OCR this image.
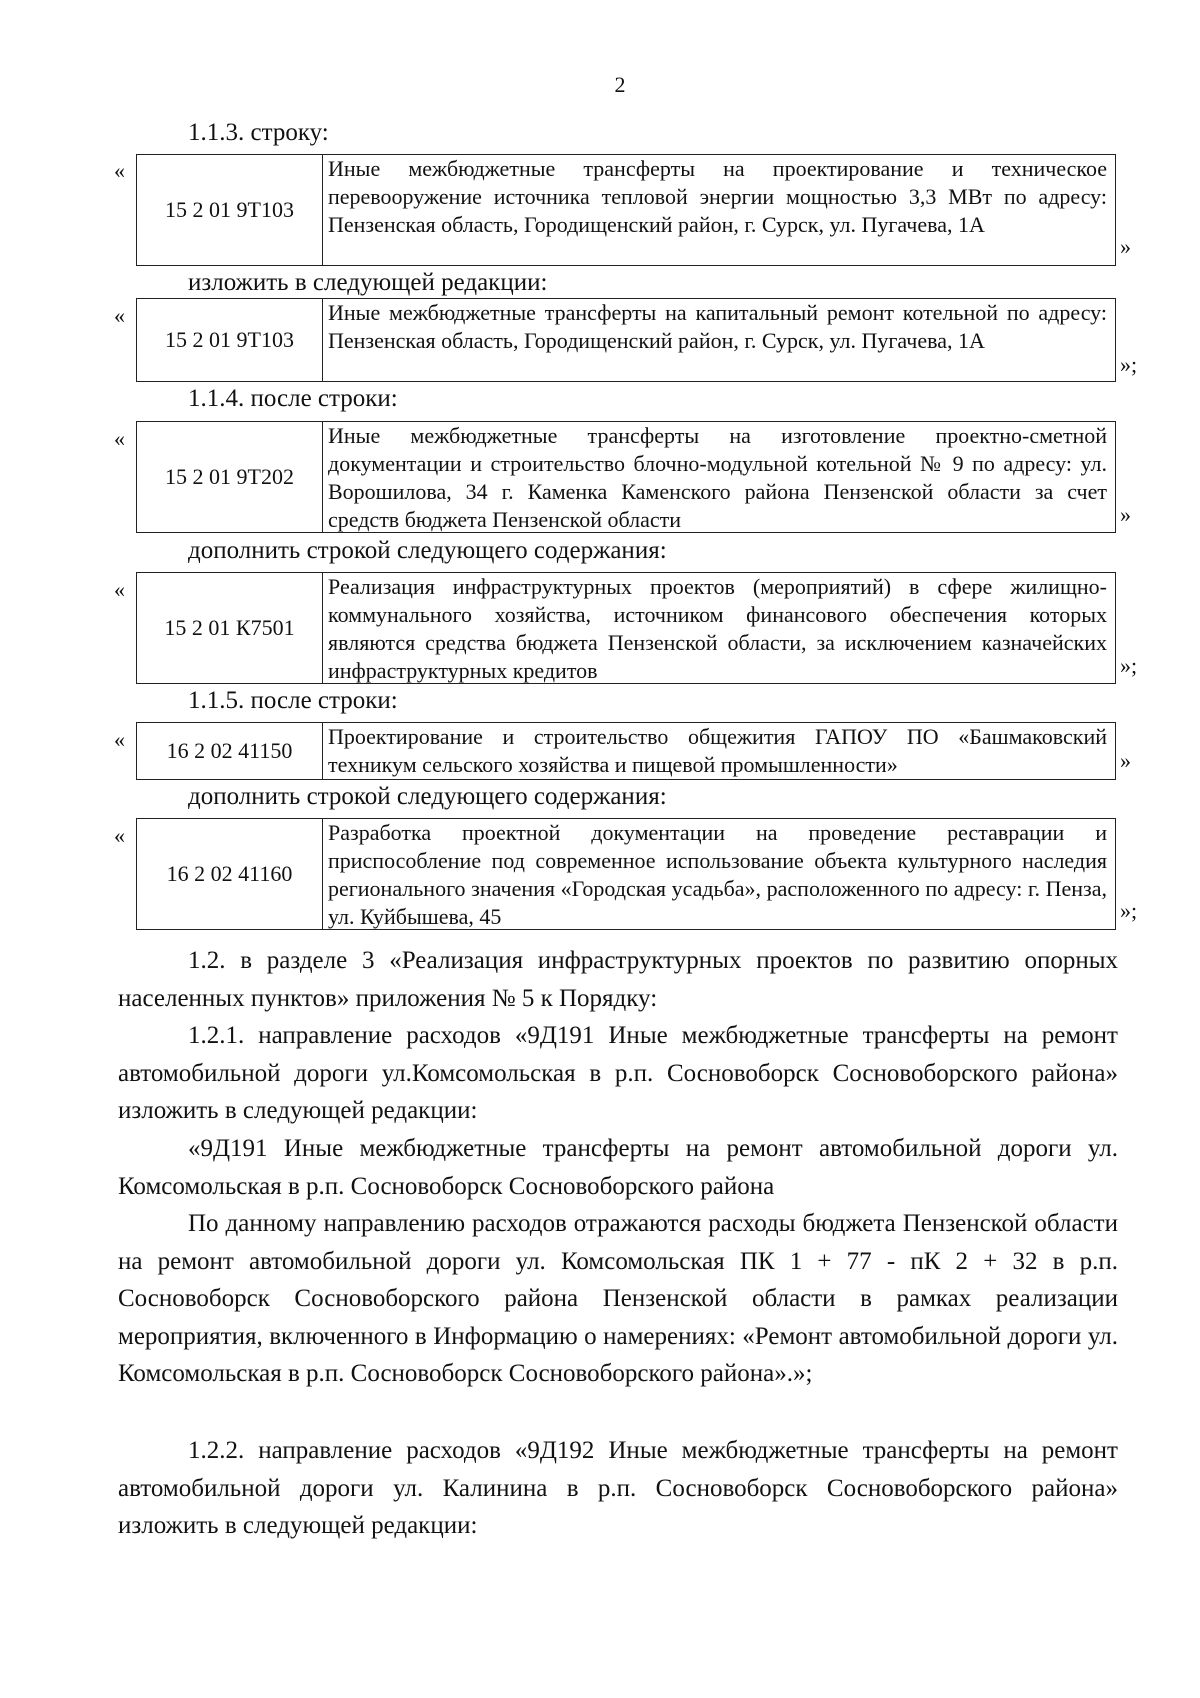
2
1.1.3. строку:
«
15 2 01 9Т103
Иные межбюджетные трансферты на проектирование и техническое перевооружение источника тепловой энергии мощностью 3,3 МВт по адресу: Пензенская область, Городищенский район, г. Сурск, ул. Пугачева, 1А
»
изложить в следующей редакции:
«
15 2 01 9Т103
Иные межбюджетные трансферты на капитальный ремонт котельной по адресу: Пензенская область, Городищенский район, г. Сурск, ул. Пугачева, 1А
»;
1.1.4. после строки:
«
15 2 01 9Т202
Иные межбюджетные трансферты на изготовление проектно-сметной документации и строительство блочно-модульной котельной № 9 по адресу: ул. Ворошилова, 34 г. Каменка Каменского района Пензенской области за счет средств бюджета Пензенской области	»
дополнить строкой следующего содержания:
«
15 2 01 К7501
Реализация инфраструктурных проектов (мероприятий) в сфере жилищно-коммунального хозяйства, источником финансового обеспечения которых являются средства бюджета Пензенской области, за исключением казначейских инфраструктурных кредитов	»;
1.1.5. после строки:
«	16 2 02 41150
Проектирование и строительство общежития ГАПОУ ПО «Башмаковский техникум сельского хозяйства и пищевой промышленности»	»
дополнить строкой следующего содержания:
«
16 2 02 41160
Разработка проектной документации на проведение реставрации и приспособление под современное использование объекта культурного наследия регионального значения «Городская усадьба», расположенного по адресу: г. Пенза, ул. Куйбышева, 45	»;

1.2. в разделе 3 «Реализация инфраструктурных проектов по развитию опорных населенных пунктов» приложения № 5 к Порядку:

1.2.1. направление расходов «9Д191 Иные межбюджетные трансферты на ремонт автомобильной дороги ул.Комсомольская в р.п. Сосновоборск Сосновоборского района» изложить в следующей редакции:

«9Д191 Иные межбюджетные трансферты на ремонт автомобильной дороги ул. Комсомольская в р.п. Сосновоборск Сосновоборского района

По данному направлению расходов отражаются расходы бюджета Пензенской области на ремонт автомобильной дороги ул. Комсомольская ПК 1 + 77 - пК 2 + 32 в р.п. Сосновоборск Сосновоборского района Пензенской области в рамках реализации мероприятия, включенного в Информацию о намерениях: «Ремонт автомобильной дороги ул. Комсомольская в р.п. Сосновоборск Сосновоборского района».»;

1.2.2. направление расходов «9Д192 Иные межбюджетные трансферты на ремонт автомобильной дороги ул. Калинина в р.п. Сосновоборск Сосновоборского района» изложить в следующей редакции:
